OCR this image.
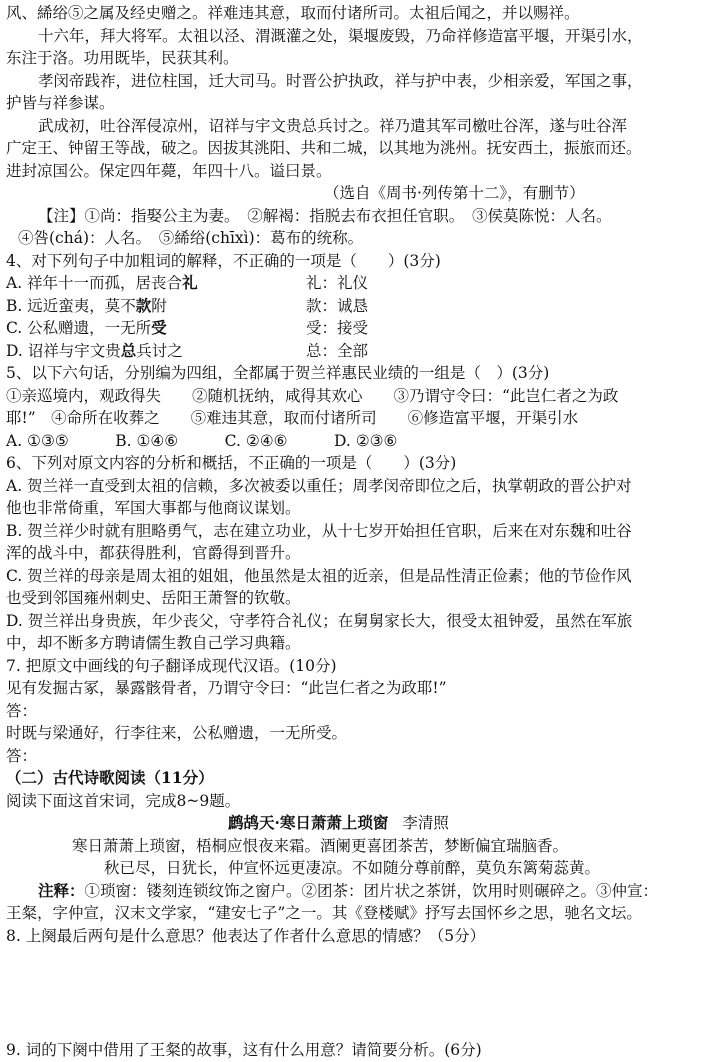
风、絺绤⑤之属及经史赠之。祥难违其意，取而付诸所司。太祖后闻之，并以赐祥。
十六年，拜大将军。太祖以泾、渭溉灌之处，渠堰废毁，乃命祥修造富平堰，开渠引水，
东注于洛。功用既毕，民获其利。
孝闵帝践祚，进位柱国，迁大司马。时晋公护执政，祥与护中表，少相亲爱，军国之事，
护皆与祥参谋。
武成初，吐谷浑侵凉州，诏祥与宇文贵总兵讨之。祥乃遣其军司檄吐谷浑，遂与吐谷浑
广定王、钟留王等战，破之。因拔其洮阳、共和二城，以其地为洮州。抚安西土，振旅而还。
进封凉国公。保定四年薨，年四十八。谥曰景。
（选自《周书·列传第十二》，有删节）
【注】①尚：指娶公主为妻。　②解褐：指脱去布衣担任官职。　③侯莫陈悦：人名。
④咎(chá)：人名。　⑤絺绤(chīxì)：葛布的统称。
4、对下列句子中加粗词的解释，不正确的一项是（　　）(3分)
A. 祥年十一而孤，居丧合礼	礼：礼仪
B. 远近蛮夷，莫不款附	款：诚恳
C. 公私赠遗，一无所受	受：接受
D. 诏祥与宇文贵总兵讨之	总：全部
5、以下六句话，分别编为四组，全都属于贺兰祥惠民业绩的一组是（　）(3分)
①亲巡境内，观政得失　　②随机抚纳，咸得其欢心　　③乃谓守令曰：“此岂仁者之为政
耶!”　④命所在收葬之　　⑤难违其意，取而付诸所司　　⑥修造富平堰，开渠引水
A. ①③⑤　　　B. ①④⑥　　　C. ②④⑥　　　D. ②③⑥
6、下列对原文内容的分析和概括，不正确的一项是（　　）(3分)
A. 贺兰祥一直受到太祖的信赖，多次被委以重任；周孝闵帝即位之后，执掌朝政的晋公护对
他也非常倚重，军国大事都与他商议谋划。
B. 贺兰祥少时就有胆略勇气，志在建立功业，从十七岁开始担任官职，后来在对东魏和吐谷
浑的战斗中，都获得胜利，官爵得到晋升。
C. 贺兰祥的母亲是周太祖的姐姐，他虽然是太祖的近亲，但是品性清正俭素；他的节俭作风
也受到邻国雍州刺史、岳阳王萧詧的钦敬。
D. 贺兰祥出身贵族，年少丧父，守孝符合礼仪；在舅舅家长大，很受太祖钟爱，虽然在军旅
中，却不断多方聘请儒生教自己学习典籍。
7. 把原文中画线的句子翻译成现代汉语。(10分)
见有发掘古冢，暴露骸骨者，乃谓守令曰：“此岂仁者之为政耶!”
答：
时既与梁通好，行李往来，公私赠遗，一无所受。
答：
（二）古代诗歌阅读（11分）
阅读下面这首宋词，完成8~9题。
鹧鸪天·寒日萧萧上琐窗 李清照
寒日萧萧上琐窗，梧桐应恨夜来霜。酒阑更喜团茶苦，梦断偏宜瑞脑香。
秋已尽，日犹长，仲宣怀远更凄凉。不如随分尊前醉，莫负东篱菊蕊黄。
注释：①琐窗：镂刻连锁纹饰之窗户。②团茶：团片状之茶饼，饮用时则碾碎之。③仲宣：
王粲，字仲宣，汉末文学家，“建安七子”之一。其《登楼赋》抒写去国怀乡之思，驰名文坛。
8. 上阕最后两句是什么意思？他表达了作者什么意思的情感？（5分）
9. 词的下阕中借用了王粲的故事，这有什么用意？请简要分析。(6分)
